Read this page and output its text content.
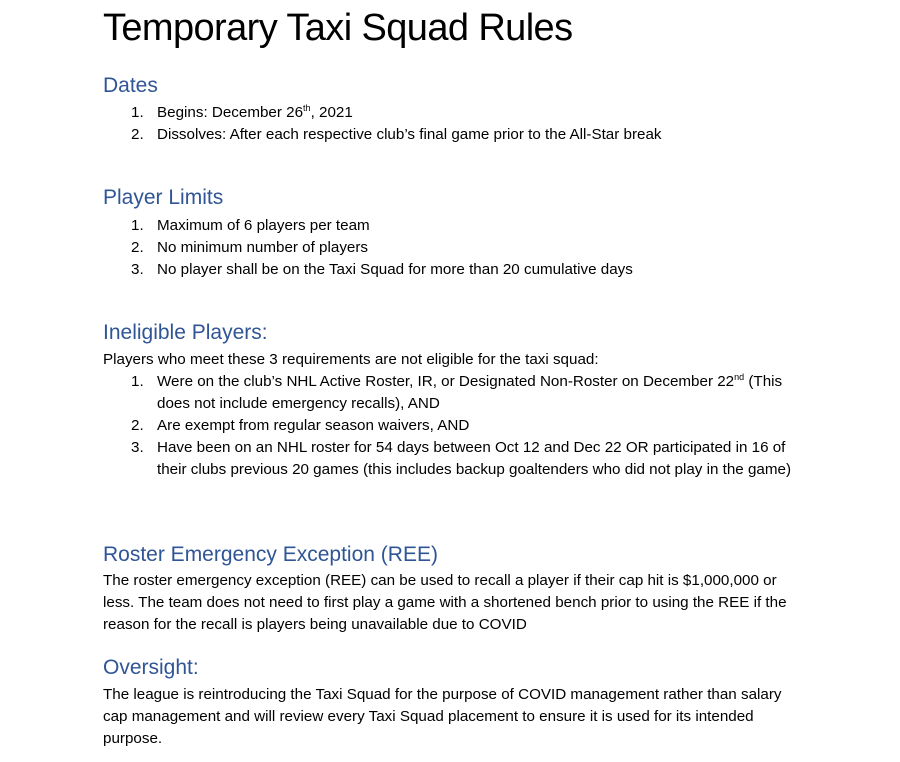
Temporary Taxi Squad Rules
Dates
1. Begins: December 26th, 2021
2. Dissolves: After each respective club’s final game prior to the All-Star break
Player Limits
1. Maximum of 6 players per team
2. No minimum number of players
3. No player shall be on the Taxi Squad for more than 20 cumulative days
Ineligible Players:

Players who meet these 3 requirements are not eligible for the taxi squad:

1. Were on the club’s NHL Active Roster, IR, or Designated Non-Roster on December 22nd (This does not include emergency recalls), AND
2. Are exempt from regular season waivers, AND
3. Have been on an NHL roster for 54 days between Oct 12 and Dec 22 OR participated in 16 of their clubs previous 20 games (this includes backup goaltenders who did not play in the game)
Roster Emergency Exception (REE)

The roster emergency exception (REE) can be used to recall a player if their cap hit is $1,000,000 or less. The team does not need to first play a game with a shortened bench prior to using the REE if the reason for the recall is players being unavailable due to COVID

Oversight:

The league is reintroducing the Taxi Squad for the purpose of COVID management rather than salary cap management and will review every Taxi Squad placement to ensure it is used for its intended purpose.
